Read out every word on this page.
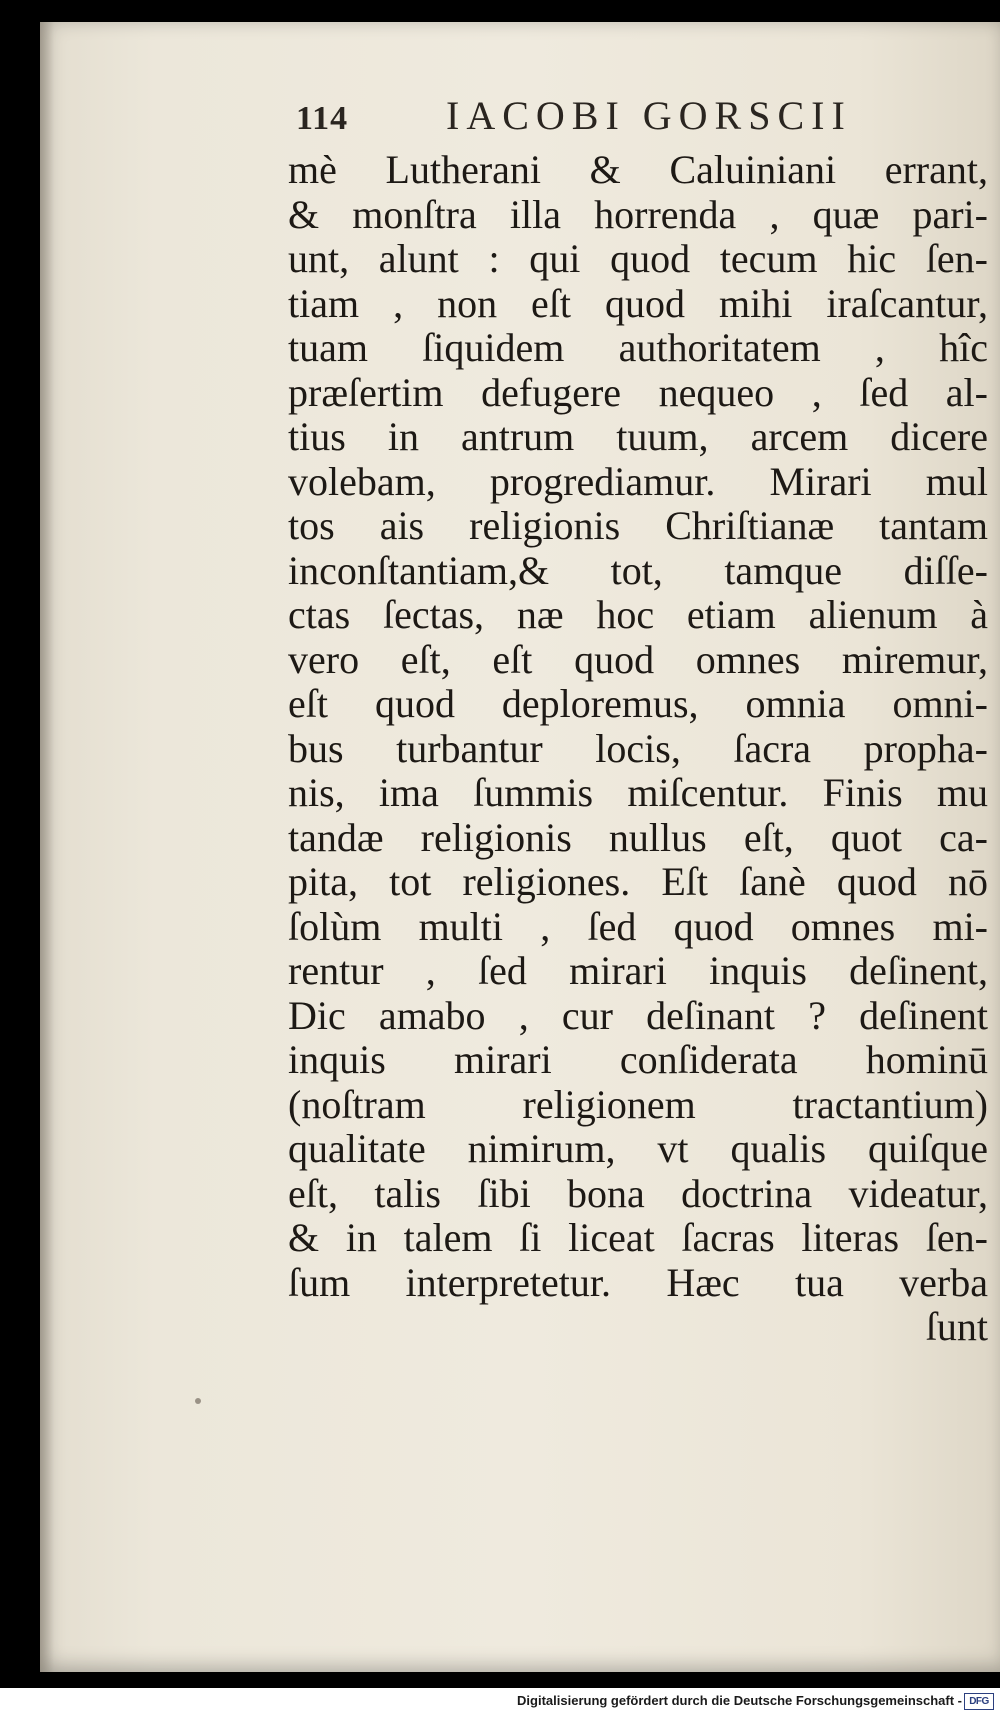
114 IACOBI GORSCII
mè Lutherani & Caluiniani errant,
& monſtra illa horrenda , quæ pari-
unt, alunt : qui quod tecum hic ſen-
tiam , non eſt quod mihi iraſcantur,
tuam ſiquidem authoritatem , hîc
præſertim defugere nequeo , ſed al-
tius in antrum tuum, arcem dicere
volebam, progrediamur. Mirari mul
tos ais religionis Chriſtianæ tantam
inconſtantiam,& tot, tamque diſſe-
ctas ſectas, næ hoc etiam alienum à
vero eſt, eſt quod omnes miremur,
eſt quod deploremus, omnia omni-
bus turbantur locis, ſacra propha-
nis, ima ſummis miſcentur. Finis mu
tandæ religionis nullus eſt, quot ca-
pita, tot religiones. Eſt ſanè quod nō
ſolùm multi , ſed quod omnes mi-
rentur , ſed mirari inquis deſinent,
Dic amabo , cur deſinant ? deſinent
inquis mirari conſiderata hominū
(noſtram religionem tractantium)
qualitate nimirum, vt qualis quiſque
eſt, talis ſibi bona doctrina videatur,
& in talem ſi liceat ſacras literas ſen-
ſum interpretetur. Hæc tua verba
ſunt
Digitalisierung gefördert durch die Deutsche Forschungsgemeinschaft - DFG
